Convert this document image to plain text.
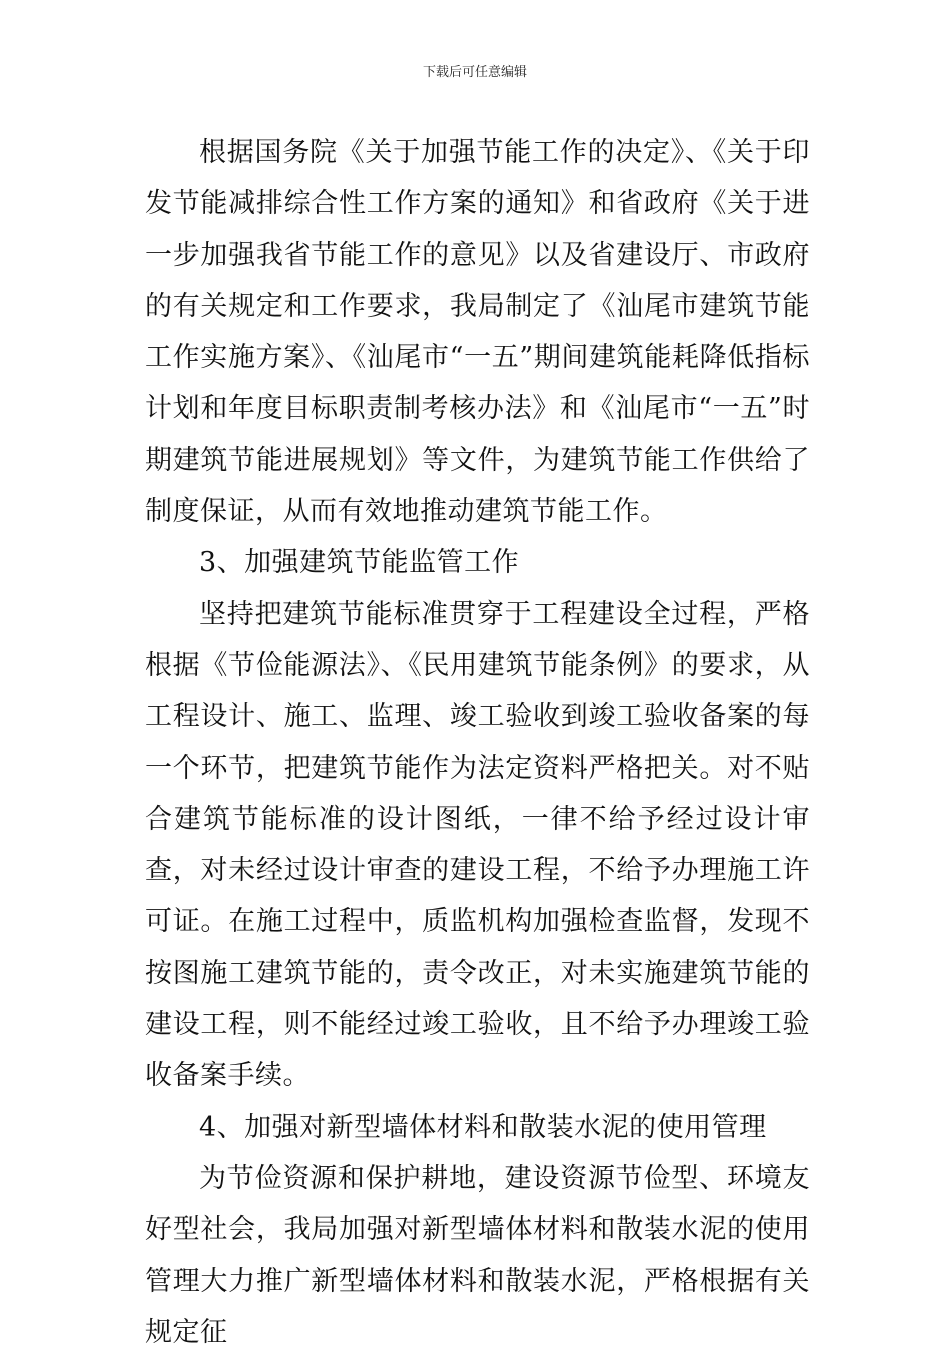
下载后可任意编辑

根据国务院《关于加强节能工作的决定》、《关于印发节能减排综合性工作方案的通知》和省政府《关于进一步加强我省节能工作的意见》以及省建设厅、市政府的有关规定和工作要求，我局制定了《汕尾市建筑节能工作实施方案》、《汕尾市“一五”期间建筑能耗降低指标计划和年度目标职责制考核办法》和《汕尾市“一五”时期建筑节能进展规划》等文件，为建筑节能工作供给了制度保证，从而有效地推动建筑节能工作。

3、加强建筑节能监管工作

坚持把建筑节能标准贯穿于工程建设全过程，严格根据《节俭能源法》、《民用建筑节能条例》的要求，从工程设计、施工、监理、竣工验收到竣工验收备案的每一个环节，把建筑节能作为法定资料严格把关。对不贴合建筑节能标准的设计图纸，一律不给予经过设计审查，对未经过设计审查的建设工程，不给予办理施工许可证。在施工过程中，质监机构加强检查监督，发现不按图施工建筑节能的，责令改正，对未实施建筑节能的建设工程，则不能经过竣工验收，且不给予办理竣工验收备案手续。

4、加强对新型墙体材料和散装水泥的使用管理

为节俭资源和保护耕地，建设资源节俭型、环境友好型社会，我局加强对新型墙体材料和散装水泥的使用管理大力推广新型墙体材料和散装水泥，严格根据有关规定征
